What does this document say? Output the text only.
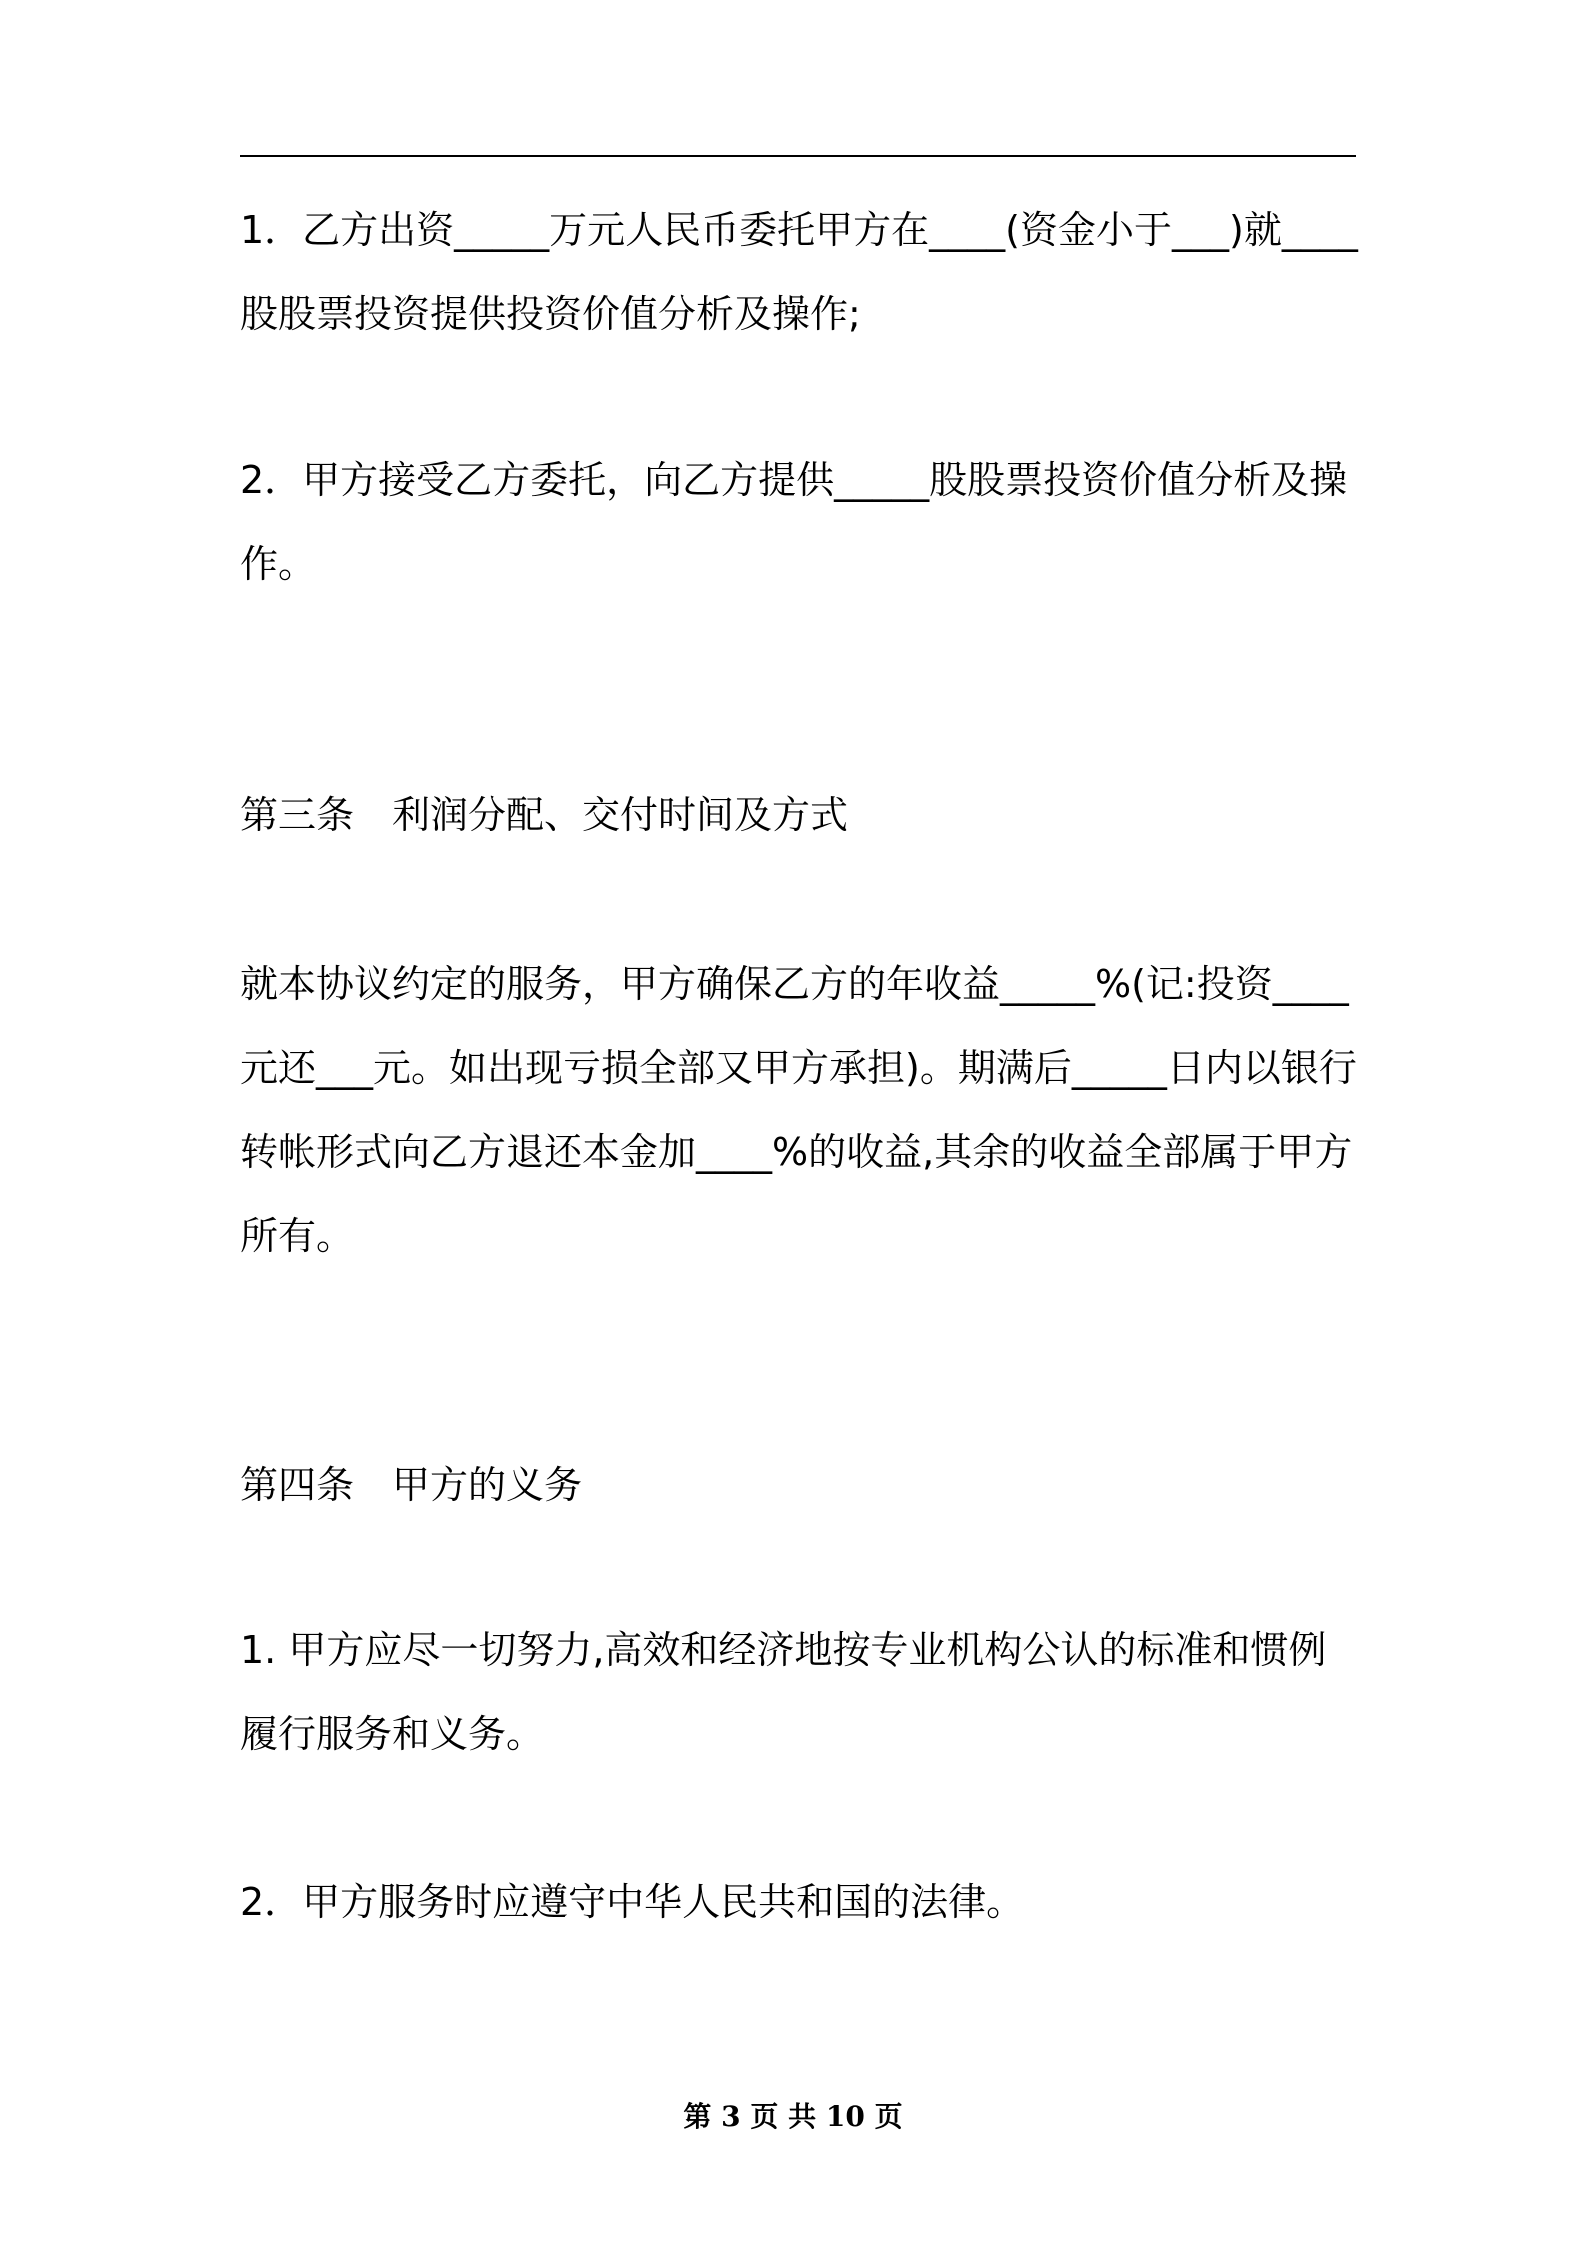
1．乙方出资_____万元人民币委托甲方在____(资金小于___)就____股股票投资提供投资价值分析及操作;

2．甲方接受乙方委托，向乙方提供_____股股票投资价值分析及操作。

第三条　利润分配、交付时间及方式

就本协议约定的服务，甲方确保乙方的年收益_____%(记:投资____元还___元。如出现亏损全部又甲方承担)。期满后_____日内以银行转帐形式向乙方退还本金加____%的收益,其余的收益全部属于甲方所有。

第四条　甲方的义务

1. 甲方应尽一切努力,高效和经济地按专业机构公认的标准和惯例履行服务和义务。

2．甲方服务时应遵守中华人民共和国的法律。

第 3 页 共 10 页
